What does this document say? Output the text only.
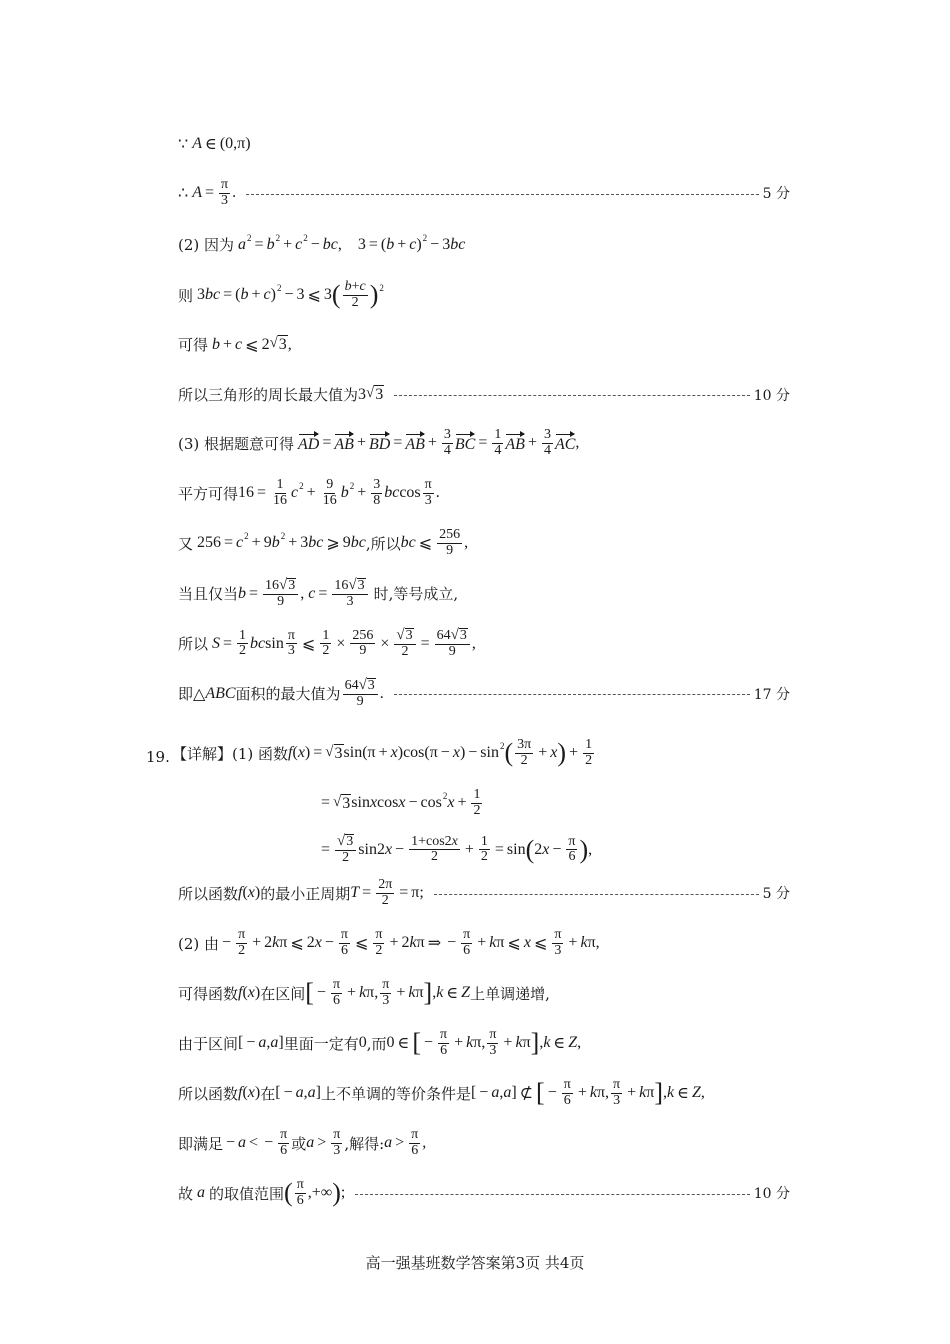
∵ A ∈ (0,π)
∴ $A = \frac{\pi}{3}$ .	5 分
(2) 因为
a 2 = b 2 + c 2 − bc ,    3 = ( b + c ) 2 − 3 bc
则 3 bc = ( b + c ) 2 − 3 ⩽ 3 ( $\frac{b+c}{2}$ ) 2
可得
b + c ⩽ 2 √ 3 ,
所以三角形的周长最大值为 3 √ 3	10 分
(3) 根据题意可得
AD = AB + BD = AB + $\frac{3}{4}$ BC = $\frac{1}{4}$ AB + $\frac{3}{4}$ AC ,
平方可得 $16 = \frac{1}{16}$ c $2 + \frac{9}{16}$ b $2 + \frac{3}{8}$ bc $\cos \frac{\pi}{3}$ .
又 256 = c 2 + 9 b 2 + 3 bc ⩾ 9 bc ,所以 bc ⩽ $\frac{256}{9}$ ,
当且仅当 $b = \frac{16 √ 3}{9}$ , $c = \frac{16 √ 3}{3}$
时,等号成立,
所以
$S = \frac{1}{2}$ bc $\sin \frac{\pi}{3}$ ⩽ $\frac{1}{2} \times \frac{256}{9} \times \frac{√ 3}{2} = \frac{64 √ 3}{9}$ ,
即 △ ABC 面积的最大值为 $\frac{64 √ 3}{9}$ .	17 分
19. 【详解】(1) 函数 f ( x ) = √ 3 sin(π + x )cos(π − x ) − sin 2 ( $\frac{3\pi}{2} + x$ ) + $\frac{1}{2}$
= √ 3 sin x cos x − cos 2 $x + \frac{1}{2}$
= $\frac{√ 3}{2} \sin 2$ $x - \frac{1+\cos 2x}{2} + \frac{1}{2} = \sin$ ( 2 $x - \frac{\pi}{6}$ ) ,
所以函数 f ( x ) 的最小正周期 $T = \frac{2\pi}{2} = \pi$;	5 分
(2) 由 − $\frac{\pi}{2} + 2$ k π ⩽ 2 $x - \frac{\pi}{6}$ ⩽ $\frac{\pi}{2} + 2$ k π ⇒ − $\frac{\pi}{6} + k$ π ⩽ x ⩽ $\frac{\pi}{3} + k$ π,
可得函数 f ( x ) 在区间 [ − $\frac{\pi}{6} + k$ π, $\frac{\pi}{3} + k$ π ] , k ∈ Z 上单调递增,
由于区间 [ − a , a ] 里面一定有 0 ,而 0 ∈ [ − $\frac{\pi}{6} + k$ π, $\frac{\pi}{3} + k$ π ] , k ∈ Z ,
所以函数 f ( x ) 在 [ − a , a ] 上不单调的等价条件是 [ − a , a ] ⊄ [ − $\frac{\pi}{6} + k$ π, $\frac{\pi}{3} + k$ π ] , k ∈ Z ,
即满足 − a < − $\frac{\pi}{6}$ 或 $a > \frac{\pi}{3}$ ,解得: $a > \frac{\pi}{6}$ ,
故
a
的取值范围 ( $\frac{\pi}{6}$ ,+∞ ) ;	10 分
高一强基班数学答案第3页 共4页
